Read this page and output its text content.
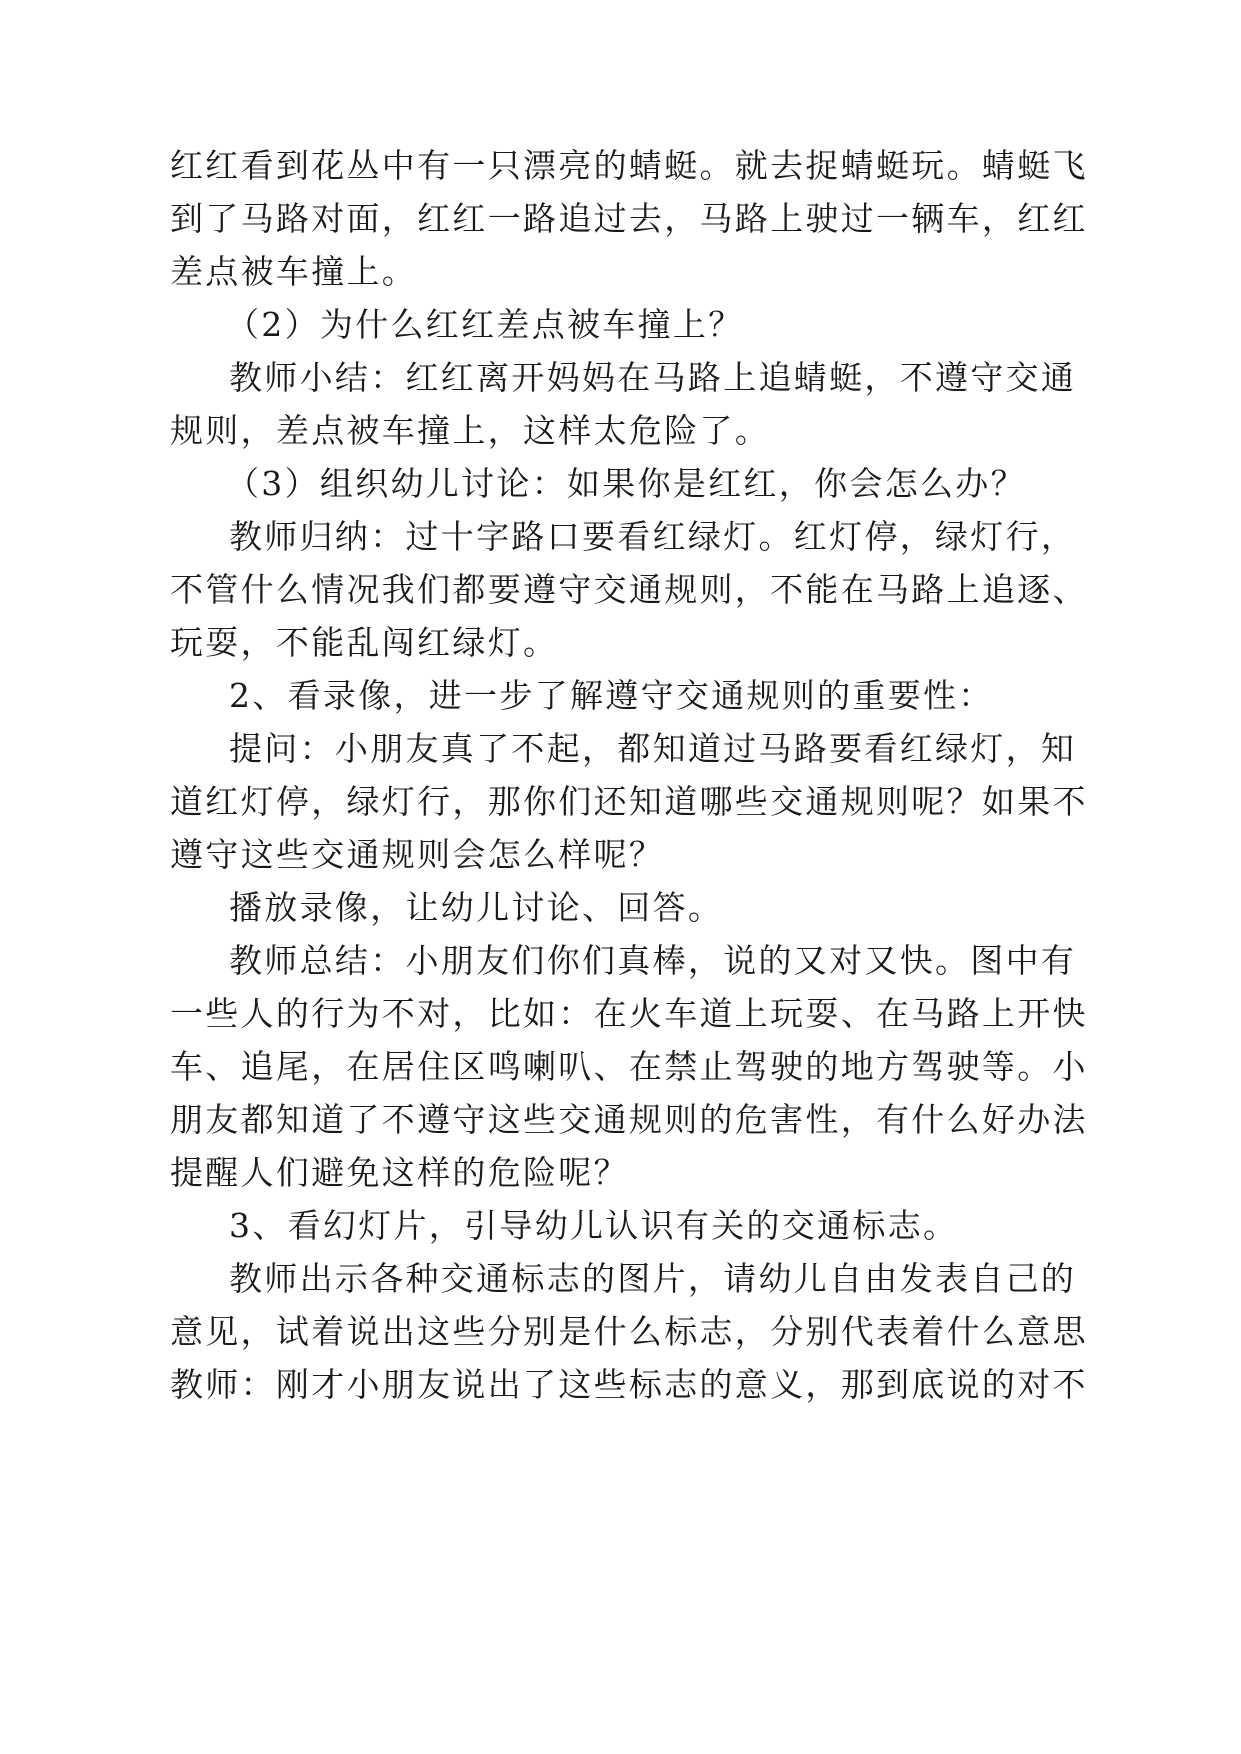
红红看到花丛中有一只漂亮的蜻蜓。就去捉蜻蜓玩。蜻蜓飞

到了马路对面，红红一路追过去，马路上驶过一辆车，红红

差点被车撞上。

（2）为什么红红差点被车撞上？

教师小结：红红离开妈妈在马路上追蜻蜓，不遵守交通

规则，差点被车撞上，这样太危险了。

（3）组织幼儿讨论：如果你是红红，你会怎么办？

教师归纳：过十字路口要看红绿灯。红灯停，绿灯行，

不管什么情况我们都要遵守交通规则，不能在马路上追逐、

玩耍，不能乱闯红绿灯。

2、看录像，进一步了解遵守交通规则的重要性：

提问：小朋友真了不起，都知道过马路要看红绿灯，知

道红灯停，绿灯行，那你们还知道哪些交通规则呢？如果不

遵守这些交通规则会怎么样呢？

播放录像，让幼儿讨论、回答。

教师总结：小朋友们你们真棒，说的又对又快。图中有

一些人的行为不对，比如：在火车道上玩耍、在马路上开快

车、追尾，在居住区鸣喇叭、在禁止驾驶的地方驾驶等。小

朋友都知道了不遵守这些交通规则的危害性，有什么好办法

提醒人们避免这样的危险呢？

3、看幻灯片，引导幼儿认识有关的交通标志。

教师出示各种交通标志的图片，请幼儿自由发表自己的

意见，试着说出这些分别是什么标志，分别代表着什么意思

教师：刚才小朋友说出了这些标志的意义，那到底说的对不
